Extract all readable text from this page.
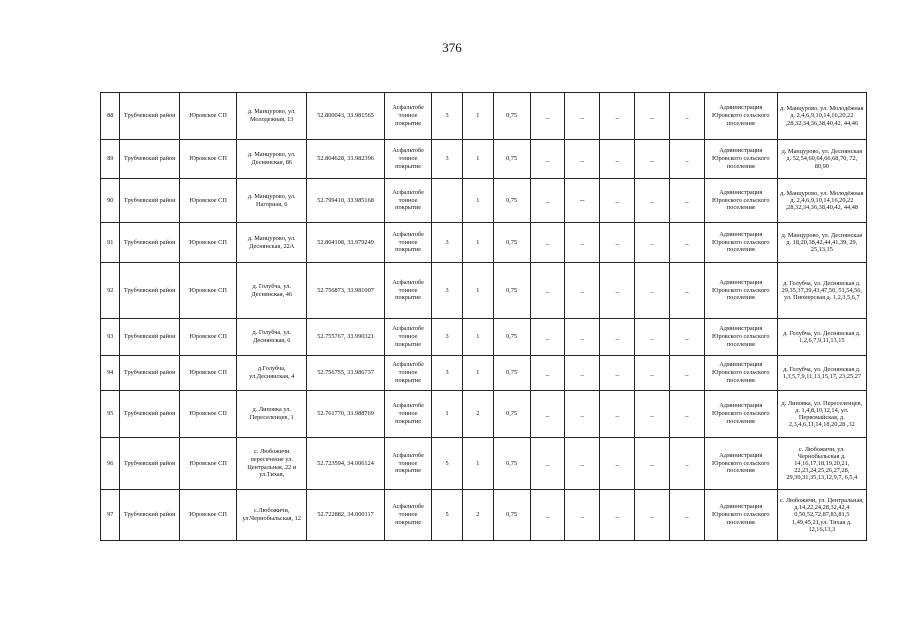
376
88	Трубчевский район	Юровское СП	д. Манцурово, ул. Молодежная, 13	52.800043, 33.981565	Асфальтобе тонное покрытие	3	1	0,75	_	_	_	_	_	Администрация Юровского сельского поселения	д. Манцурово, ул. Молодёжная д. 2,4,6,9,10,14,16,20,22 ,28,32,34,36,38,40,42, 44,46
89	Трубчевский район	Юровское СП	д. Манцурово, ул. Деснянская, 86	52.804628, 33.982396	Асфальтобе тонное покрытие	3	1	0,75	_	_	_	_	_	Администрация Юровского сельского поселения	д. Манцурово, ул. Деснянская д. 52,54,60,64,66,68,70, 72, 80,90
90	Трубчевский район	Юровское СП	д. Манцурово, ул. Нагорная, 6	52.799410, 33.985168	Асфальтобе тонное покрытие		1	0,75	_	--	_	_	_	Администрация Юровского сельского поселения	д. Манцурово, ул. Молодёжная д. 2,4,6,9,10,14,16,20,22 ,28,32,34,36,38,40,42, 44,48
91	Трубчевский район	Юровское СП	д. Манцурово, ул. Деснянская, 22А	52.804108, 33.979249	Асфальтобе тонное покрытие	3	1	0,75	_	_	_	_	_	Администрация Юровского сельского поселения	д. Манцурово, ул. Деснянская д. 18,20,38,42,44,41,39, 29, 25,13,15
92	Трубчевский район	Юровское СП	д. Голубча, ул. Деснянская, 46	52.756873, 33.981007	Асфальтобе тонное покрытие	3	1	0,75	_	_	_	_	_	Администрация Юровского сельского поселения	д. Голубча, ул. Деснянская д. 29,35,37,39,43,47,50, 51,54,56, ул. Пионерская д. 1,2,3,5,6,7
93	Трубчевский район	Юровское СП	д. Голубча, ул. Деснянская, 6	52.755767, 33.990321	Асфальтобе тонное покрытие	3	1	0,75	_	_	_	_	_	Администрация Юровского сельского поселения	д. Голубча, ул. Деснянская д. 1,2,6,7,9,11,13,15
94	Трубчевский район	Юровское СП	д.Голубча, ул.Деснянская, 4	52.756755, 33.986737	Асфальтобе тонное покрытие	3	1	0,75	_	_	_	_	_	Администрация Юровского сельского поселения	д. Голубча, ул. Деснянская д. 1,3,5,7,9,11,13,15,17, 23,25,27
95	Трубчевский район	Юровское СП	д. Липовка ул. Переселенцев, 1	52.761770, 33.988769	Асфальтобе тонное покрытие	1	2	0,75	_	_	_	_	_	Администрация Юровского сельского поселения	д. Липовка, ул. Переселенцев, д. 1,4,8,10,12,14, ул. Первомайская, д. 2,3,4,6,11,14,18,20,28 ,32
96	Трубчевский район	Юровское СП	с. Любожичи пересечение ул. Центральная,.22 и ул.Тихая,	52.723594, 34.006124	Асфальтобе тонное покрытие	5	1	0,75	_	_	_	_	_	Администрация Юровского сельского поселения	с. Любожичи, ул. Чернобыльская д. 14,16,17,18,19,20,21, 22,23,24,25,26,27,28, 29,30,31,35,13,12,9,7, 6,5,4
97	Трубчевский район	Юровское СП	с.Любожичи, ул.Чернобыльская, 12	52.722882, 34.000117	Асфальтобе тонное покрытие	5	2	0,75	_	_	_	_	_	Администрация Юровского сельского поселения	с. Любожичи, ул. Центральная, д.14,22,24,28,32,42,4 0,50,52,72,87,83,81,5 1,49,45,21,ул. Тихая д. 12,16,13,3
